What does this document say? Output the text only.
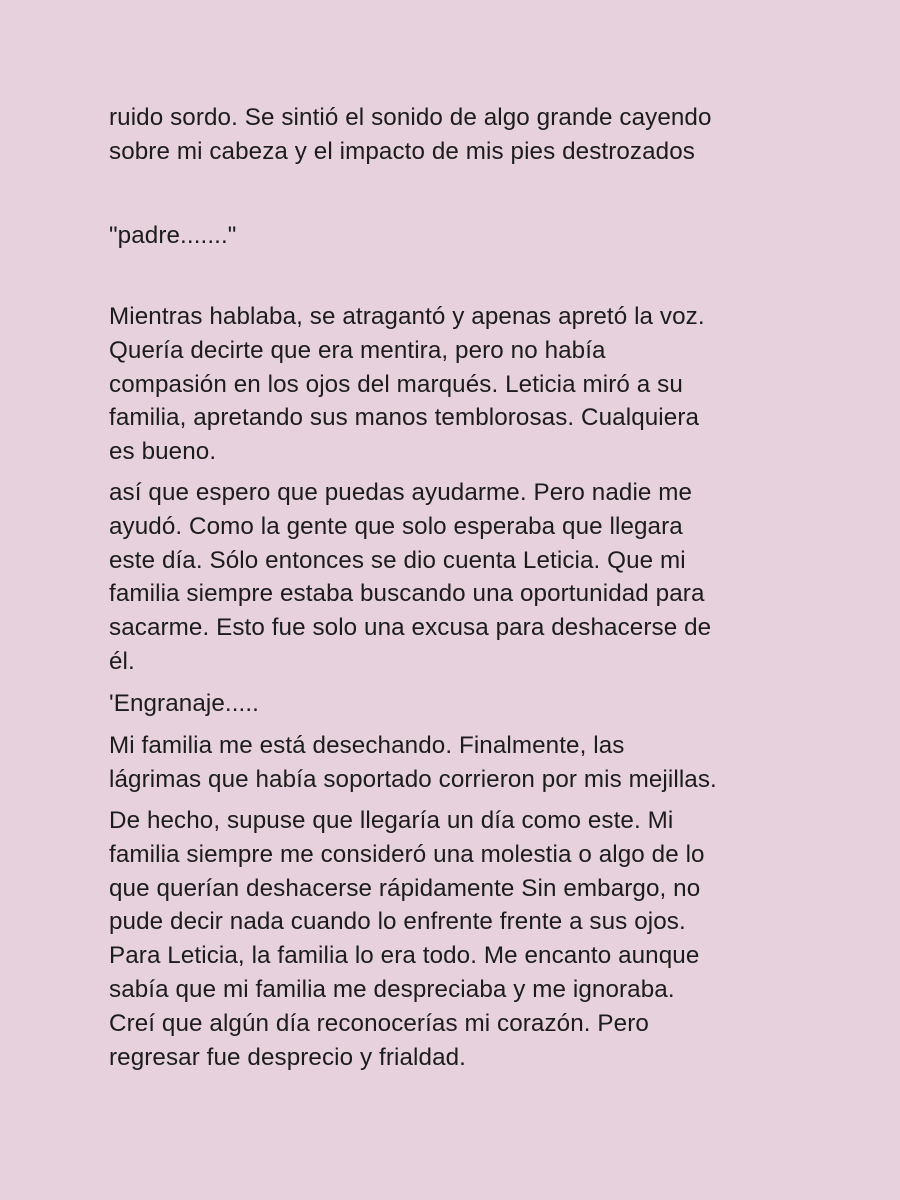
ruido sordo. Se sintió el sonido de algo grande cayendo
sobre mi cabeza y el impacto de mis pies destrozados
"padre......."
Mientras hablaba, se atragantó y apenas apretó la voz.
Quería decirte que era mentira, pero no había
compasión en los ojos del marqués. Leticia miró a su
familia, apretando sus manos temblorosas. Cualquiera
es bueno.
así que espero que puedas ayudarme. Pero nadie me
ayudó. Como la gente que solo esperaba que llegara
este día. Sólo entonces se dio cuenta Leticia. Que mi
familia siempre estaba buscando una oportunidad para
sacarme. Esto fue solo una excusa para deshacerse de
él.
'Engranaje.....
Mi familia me está desechando. Finalmente, las
lágrimas que había soportado corrieron por mis mejillas.
De hecho, supuse que llegaría un día como este. Mi
familia siempre me consideró una molestia o algo de lo
que querían deshacerse rápidamente Sin embargo, no
pude decir nada cuando lo enfrente frente a sus ojos.
Para Leticia, la familia lo era todo. Me encanto aunque
sabía que mi familia me despreciaba y me ignoraba.
Creí que algún día reconocerías mi corazón. Pero
regresar fue desprecio y frialdad.
